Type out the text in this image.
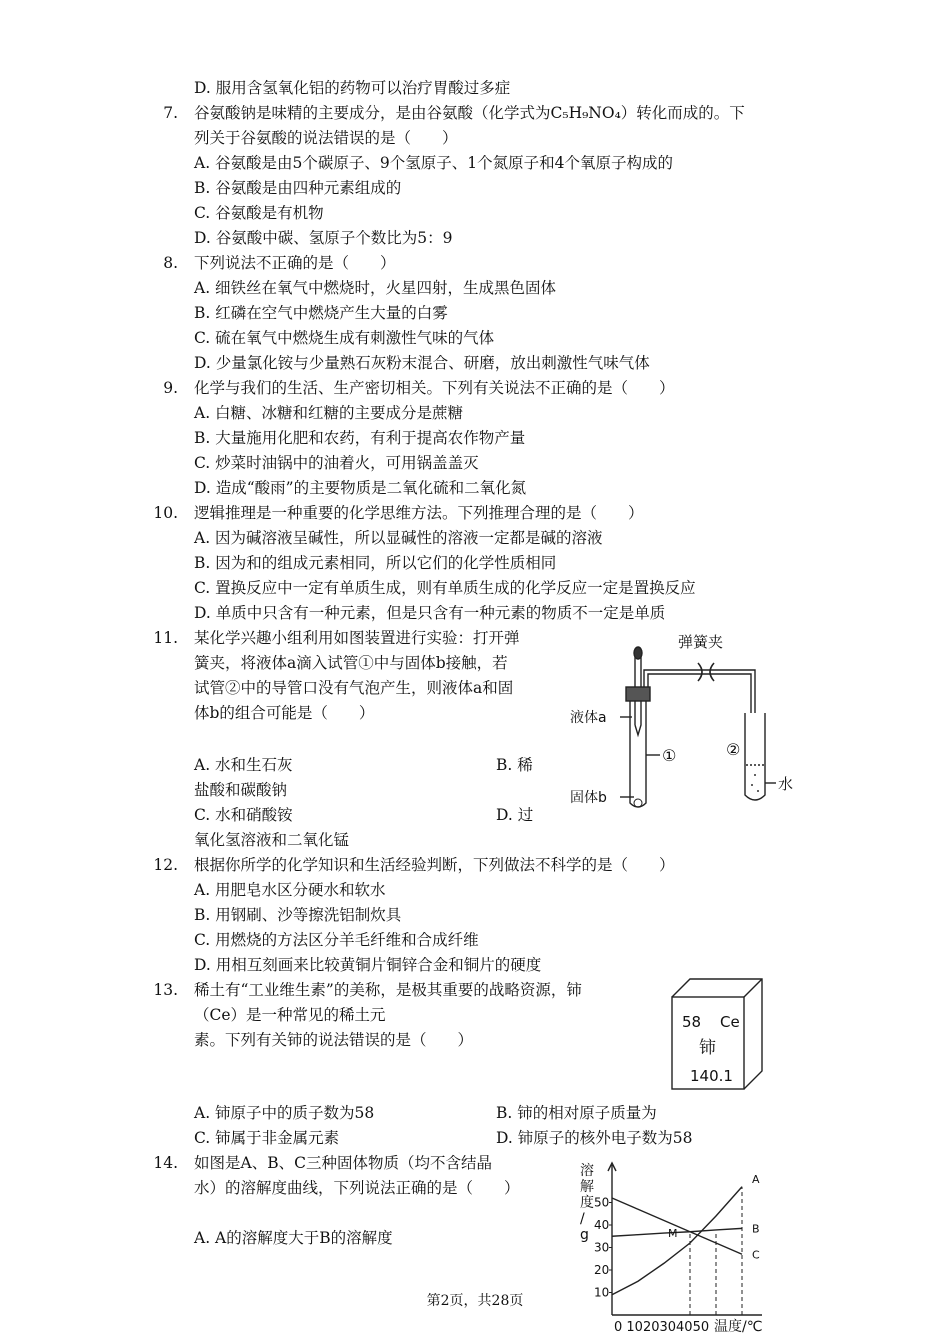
D. 服用含氢氧化铝的药物可以治疗胃酸过多症
7. 谷氨酸钠是味精的主要成分，是由谷氨酸（化学式为C₅H₉NO₄）转化而成的。下
列关于谷氨酸的说法错误的是（　　）
A. 谷氨酸是由5个碳原子、9个氢原子、1个氮原子和4个氧原子构成的
B. 谷氨酸是由四种元素组成的
C. 谷氨酸是有机物
D. 谷氨酸中碳、氢原子个数比为5：9
8. 下列说法不正确的是（　　）
A. 细铁丝在氧气中燃烧时，火星四射，生成黑色固体
B. 红磷在空气中燃烧产生大量的白雾
C. 硫在氧气中燃烧生成有刺激性气味的气体
D. 少量氯化铵与少量熟石灰粉末混合、研磨，放出刺激性气味气体
9. 化学与我们的生活、生产密切相关。下列有关说法不正确的是（　　）
A. 白糖、冰糖和红糖的主要成分是蔗糖
B. 大量施用化肥和农药，有利于提高农作物产量
C. 炒菜时油锅中的油着火，可用锅盖盖灭
D. 造成“酸雨”的主要物质是二氧化硫和二氧化氮
10. 逻辑推理是一种重要的化学思维方法。下列推理合理的是（　　）
A. 因为碱溶液呈碱性，所以显碱性的溶液一定都是碱的溶液
B. 因为和的组成元素相同，所以它们的化学性质相同
C. 置换反应中一定有单质生成，则有单质生成的化学反应一定是置换反应
D. 单质中只含有一种元素，但是只含有一种元素的物质不一定是单质
11. 某化学兴趣小组利用如图装置进行实验：打开弹
簧夹，将液体a滴入试管①中与固体b接触，若
试管②中的导管口没有气泡产生，则液体a和固
体b的组合可能是（　　）
A. 水和生石灰	B. 稀
盐酸和碳酸钠
C. 水和硝酸铵	D. 过
氧化氢溶液和二氧化锰
弹簧夹
液体a
固体b
①	②
水
12. 根据你所学的化学知识和生活经验判断，下列做法不科学的是（　　）
A. 用肥皂水区分硬水和软水
B. 用钢刷、沙等擦洗铝制炊具
C. 用燃烧的方法区分羊毛纤维和合成纤维
D. 用相互刻画来比较黄铜片铜锌合金和铜片的硬度
13. 稀土有“工业维生素”的美称，是极其重要的战略资源，铈
（Ce）是一种常见的稀土元
素。下列有关铈的说法错误的是（　　）
A. 铈原子中的质子数为58	B. 铈的相对原子质量为
C. 铈属于非金属元素	D. 铈原子的核外电子数为58
58 Ce
铈
140.1
14. 如图是A、B、C三种固体物质（均不含结晶
水）的溶解度曲线，下列说法正确的是（　　）
A. A的溶解度大于B的溶解度
溶
解
度
/
g
50
40
30
20
10
A
B
C
M
0 1020304050 温度/℃
第2页，共28页
